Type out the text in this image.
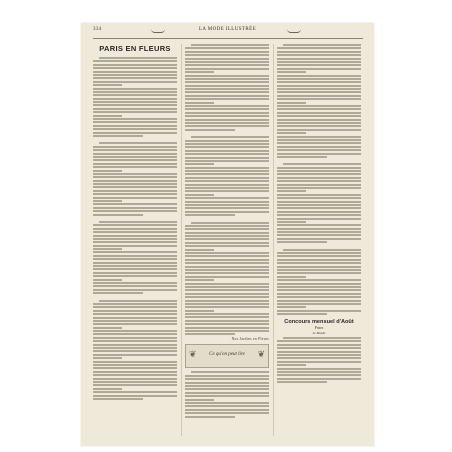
334	LA MODE ILLUSTRÉE
PARIS EN FLEURS
Nos Jardins en Fleurs
❦	Ce qu'on peut lire	❦
Concours mensuel d'Août
Prises
Le Monde
